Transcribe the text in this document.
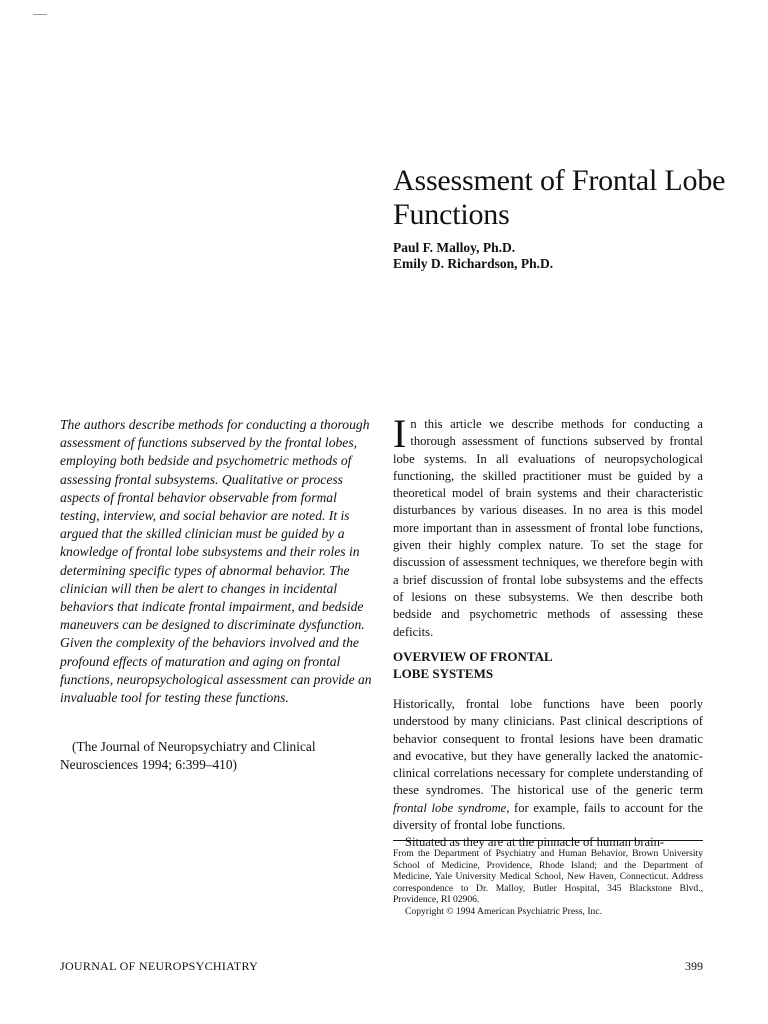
Assessment of Frontal Lobe Functions
Paul F. Malloy, Ph.D.
Emily D. Richardson, Ph.D.

The authors describe methods for conducting a thorough assessment of functions subserved by the frontal lobes, employing both bedside and psychometric methods of assessing frontal subsystems. Qualitative or process aspects of frontal behavior observable from formal testing, interview, and social behavior are noted. It is argued that the skilled clinician must be guided by a knowledge of frontal lobe subsystems and their roles in determining specific types of abnormal behavior. The clinician will then be alert to changes in incidental behaviors that indicate frontal impairment, and bedside maneuvers can be designed to discriminate dysfunction. Given the complexity of the behaviors involved and the profound effects of maturation and aging on frontal functions, neuropsychological assessment can provide an invaluable tool for testing these functions.

(The Journal of Neuropsychiatry and Clinical
Neurosciences 1994; 6:399–410)

In this article we describe methods for conducting a thorough assessment of functions subserved by frontal lobe systems. In all evaluations of neuropsychological functioning, the skilled practitioner must be guided by a theoretical model of brain systems and their characteristic disturbances by various diseases. In no area is this model more important than in assessment of frontal lobe functions, given their highly complex nature. To set the stage for discussion of assessment techniques, we therefore begin with a brief discussion of frontal lobe subsystems and the effects of lesions on these subsystems. We then describe both bedside and psychometric methods of assessing these deficits.

OVERVIEW OF FRONTAL
LOBE SYSTEMS

Historically, frontal lobe functions have been poorly understood by many clinicians. Past clinical descriptions of behavior consequent to frontal lesions have been dramatic and evocative, but they have generally lacked the anatomic-clinical correlations necessary for complete understanding of these syndromes. The historical use of the generic term frontal lobe syndrome, for example, fails to account for the diversity of frontal lobe functions.

Situated as they are at the pinnacle of human brain-

From the Department of Psychiatry and Human Behavior, Brown University School of Medicine, Providence, Rhode Island; and the Department of Medicine, Yale University Medical School, New Haven, Connecticut. Address correspondence to Dr. Malloy, Butler Hospital, 345 Blackstone Blvd., Providence, RI 02906.

Copyright © 1994 American Psychiatric Press, Inc.

JOURNAL OF NEUROPSYCHIATRY	399
